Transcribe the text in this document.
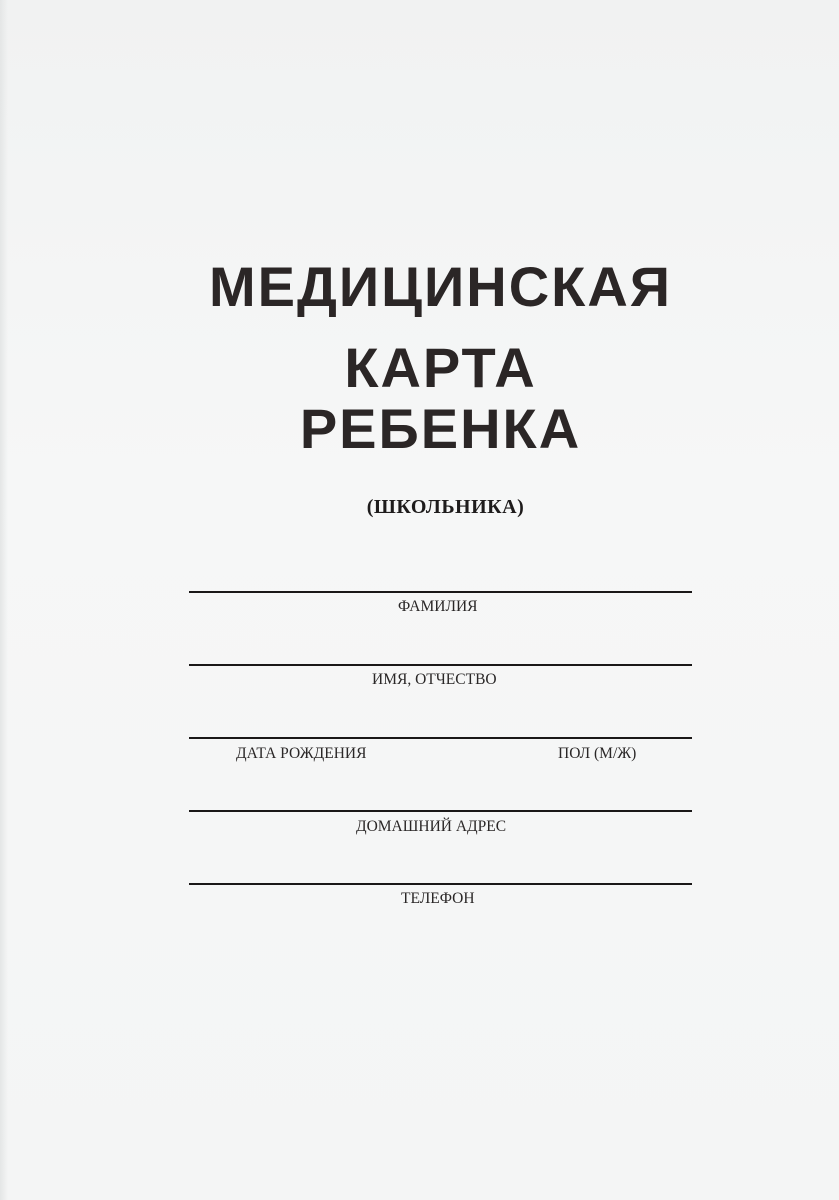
МЕДИЦИНСКАЯ
КАРТА
РЕБЕНКА
(ШКОЛЬНИКА)
ФАМИЛИЯ
ИМЯ, ОТЧЕСТВО
ДАТА РОЖДЕНИЯ	ПОЛ (М/Ж)
ДОМАШНИЙ АДРЕС
ТЕЛЕФОН
